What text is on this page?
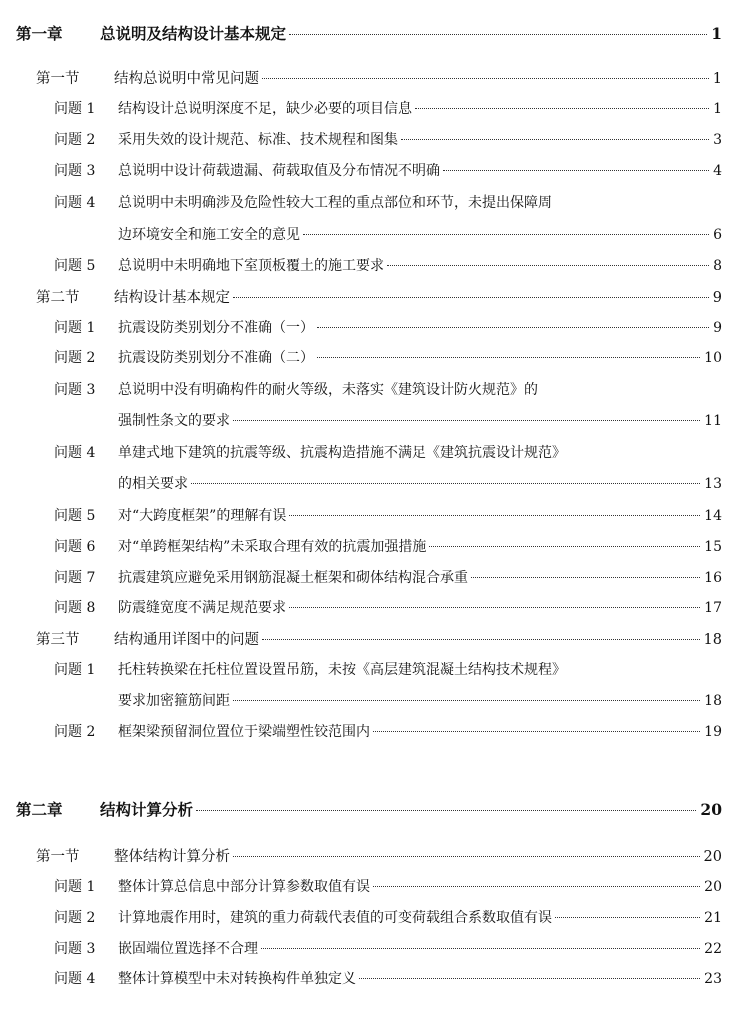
第一章	总说明及结构设计基本规定	1
第一节	结构总说明中常见问题	1
问题 1	结构设计总说明深度不足，缺少必要的项目信息	1
问题 2	采用失效的设计规范、标准、技术规程和图集	3
问题 3	总说明中设计荷载遗漏、荷载取值及分布情况不明确	4
问题 4	总说明中未明确涉及危险性较大工程的重点部位和环节，未提出保障周
边环境安全和施工安全的意见	6
问题 5	总说明中未明确地下室顶板覆土的施工要求	8
第二节	结构设计基本规定	9
问题 1	抗震设防类别划分不准确（一）	9
问题 2	抗震设防类别划分不准确（二）	10
问题 3	总说明中没有明确构件的耐火等级，未落实《建筑设计防火规范》的
强制性条文的要求	11
问题 4	单建式地下建筑的抗震等级、抗震构造措施不满足《建筑抗震设计规范》
的相关要求	13
问题 5	对“大跨度框架”的理解有误	14
问题 6	对“单跨框架结构”未采取合理有效的抗震加强措施	15
问题 7	抗震建筑应避免采用钢筋混凝土框架和砌体结构混合承重	16
问题 8	防震缝宽度不满足规范要求	17
第三节	结构通用详图中的问题	18
问题 1	托柱转换梁在托柱位置设置吊筋，未按《高层建筑混凝土结构技术规程》
要求加密箍筋间距	18
问题 2	框架梁预留洞位置位于梁端塑性铰范围内	19
第二章	结构计算分析	20
第一节	整体结构计算分析	20
问题 1	整体计算总信息中部分计算参数取值有误	20
问题 2	计算地震作用时，建筑的重力荷载代表值的可变荷载组合系数取值有误	21
问题 3	嵌固端位置选择不合理	22
问题 4	整体计算模型中未对转换构件单独定义	23
